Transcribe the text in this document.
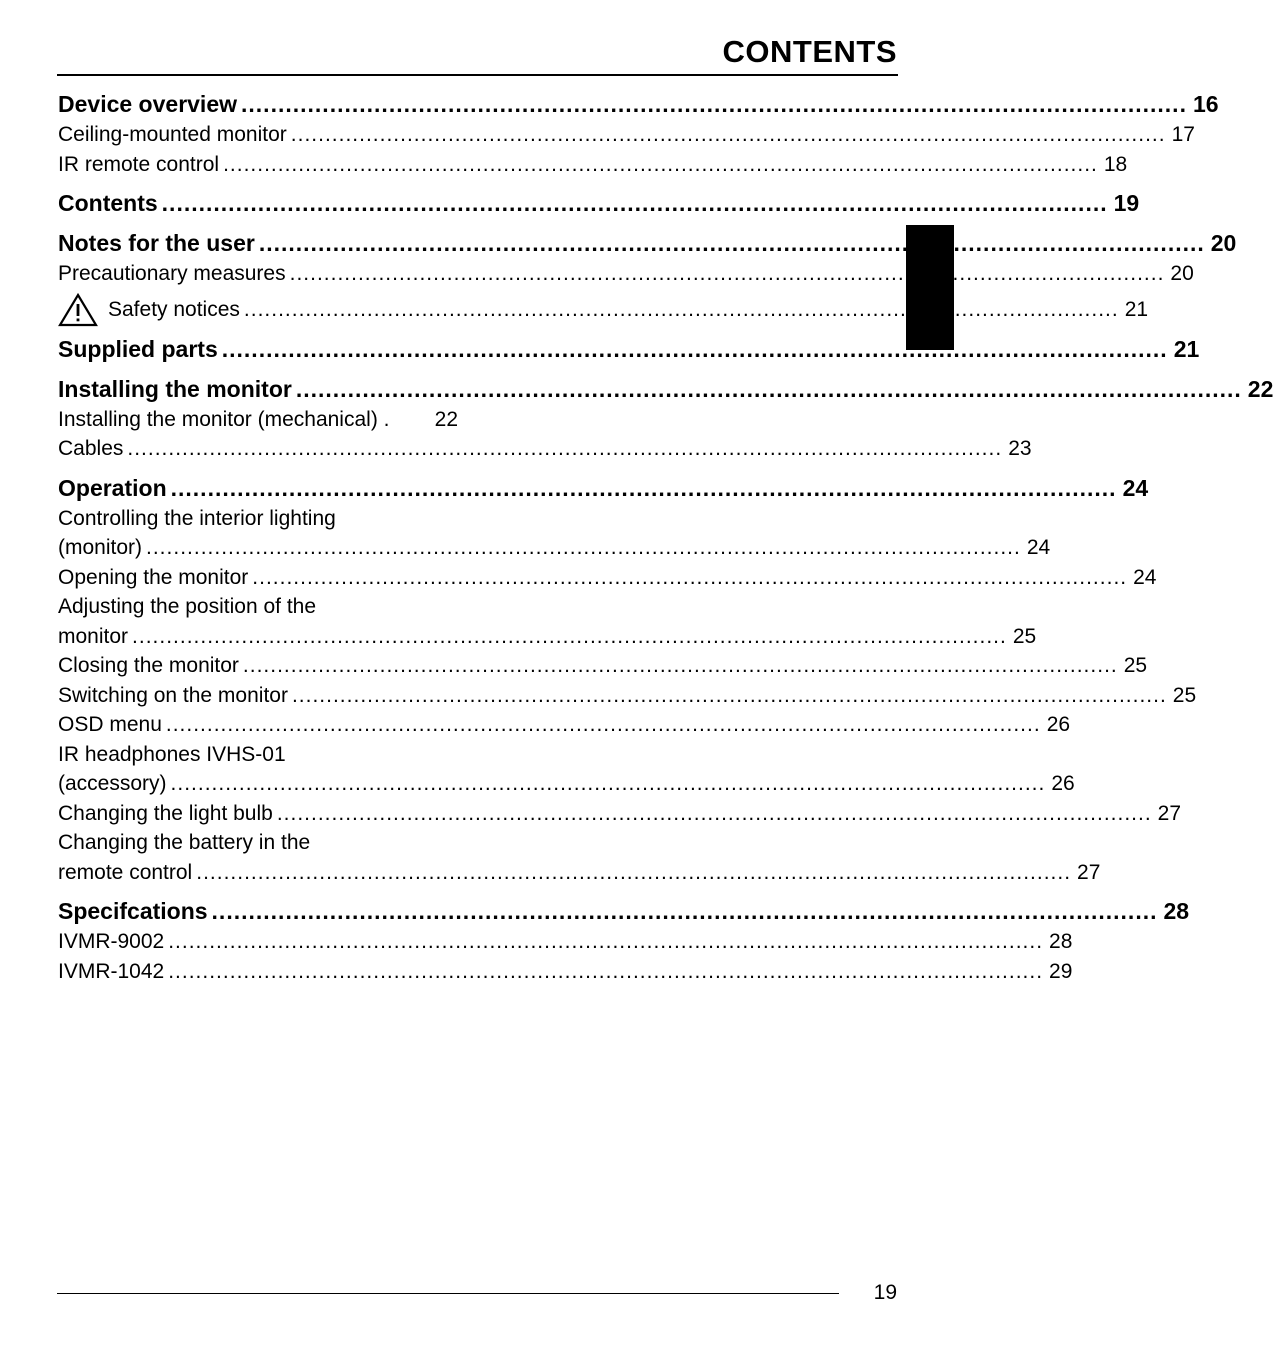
CONTENTS
Device overview .....	16
Ceiling-mounted monitor .....	17
IR remote control .....	18
Contents .....	19
Notes for the user .....	20
Precautionary measures .....	20
Safety notices .....	21
Supplied parts .....	21
Installing the monitor .....	22
Installing the monitor (mechanical) . 22
Cables .....	23
Operation .....	24
Controlling the interior lighting
(monitor) .....	24
Opening the monitor .....	24
Adjusting the position of the
monitor .....	25
Closing the monitor .....	25
Switching on the monitor .....	25
OSD menu .....	26
IR headphones IVHS-01
(accessory) .....	26
Changing the light bulb .....	27
Changing the battery in the
remote control .....	27
Specifcations .....	28
IVMR-9002 .....	28
IVMR-1042 .....	29
19
